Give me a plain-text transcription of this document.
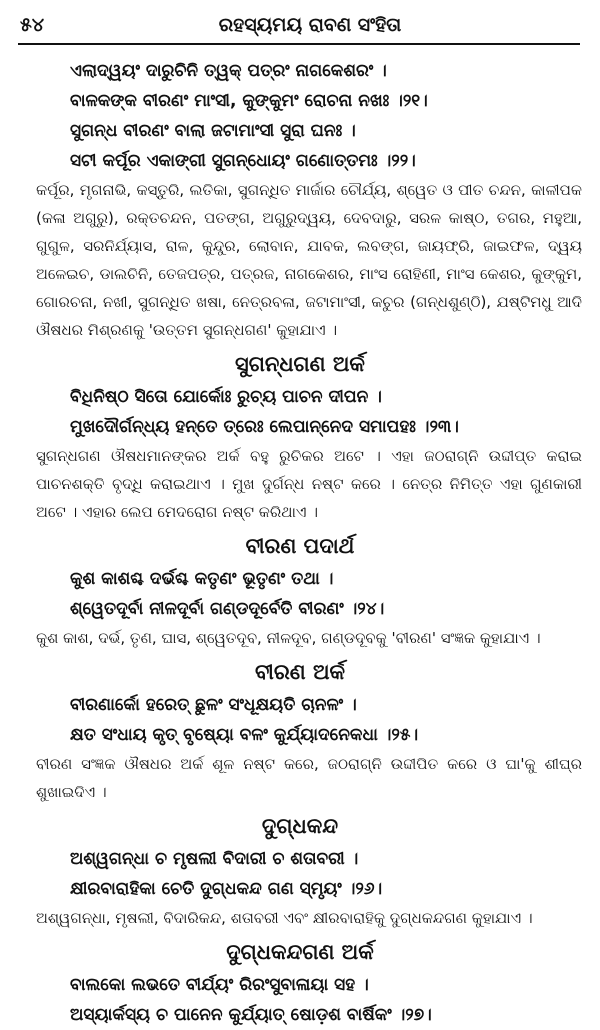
୫୪	ରହସ୍ୟମୟ ରାବଣ ସଂହିତା

ଏଲାଦ୍ୱୟଂ ଦାରୁଚିନି ତ୍ୱକ୍ ପତ୍ରଂ ନାଗକେଶରଂ ।

ବାଳକଙ୍କ ବୀରଣଂ ମାଂସୀ, କୁଙ୍କୁମଂ ରୋଚନା ନଖଃ ।୨୧।

ସୁଗନ୍ଧ ବୀରଣଂ ବାଲା ଜଟାମାଂସୀ ସୁରା ଘନଃ ।

ସଟୀ କର୍ପୂର ଏକାଙ୍ଗୀ ସୁଗନ୍ଧୋୟଂ ଗଣୋତ୍ତମଃ ।୨୨।

କର୍ପୂର, ମୃଗନାଭି, କସ୍ତୁରି, ଲତିକା, ସୁଗନ୍ଧିତ ମାର୍ଜାର ଚୌର୍ଯ୍ୟ, ଶ୍ୱେତ ଓ ପୀତ ଚନ୍ଦନ, କାଳୀପକ (କଳା ଅଗୁରୁ), ରକ୍ତଚନ୍ଦନ, ପତଙ୍ଗ, ଅଗୁରୁଦ୍ୱୟ, ଦେବଦାରୁ, ସରଳ କାଷ୍ଠ, ତଗର, ମହୁଆ, ଗୁଗୁଳ, ସରନିର୍ଯ୍ୟାସ, ରାଳ, କୁନ୍ଦୁର, ଲୋବାନ, ଯାବକ, ଲବଙ୍ଗ, ଜାୟଫ୍ରି, ଜାଇଫଳ, ଦ୍ୱୟ ଅଳେଇଚ, ଡାଲଚିନି, ତେଜପତ୍ର, ପତ୍ରଜ, ନାଗକେଶର, ମାଂସ ରୋହିଣୀ, ମାଂସ କେଶର, କୁଙ୍କୁମ, ଗୋରଚନା, ନଖୀ, ସୁଗନ୍ଧିତ ଖଷା, ନେତ୍ରବଳା, ଜଟାମାଂସୀ, କଚୁର (ଗନ୍ଧଶୁଣ୍ଠି), ଯଷ୍ଟିମଧୁ ଆଦି ଔଷଧର ମିଶ୍ରଣକୁ 'ଉତ୍ତମ ସୁଗନ୍ଧଗଣ' କୁହାଯାଏ ।

ସୁଗନ୍ଧଗଣ ଅର୍କ

ବିଧିନିଷ୍ଠ ସିତୋ ଯୋର୍କୋଃ ରୁଚ୍ୟ ପାଚନ ଦୀପନ ।

ମୁଖଦୌର୍ଗନ୍ଧ୍ୟ ହନ୍ତେ ତ୍ରେଃ ଲେପାନ୍ନେଦ ସମାପହଃ ।୨୩।

ସୁଗନ୍ଧଗଣ ଔଷଧମାନଙ୍କର ଅର୍କ ବହୁ ରୁଚିକର ଅଟେ । ଏହା ଜଠରାଗ୍ନି ଉଦ୍ଦୀପ୍ତ କରାଇ ପାଚନଶକ୍ତି ବୃଦ୍ଧି କରାଇଥାଏ । ମୁଖ ଦୁର୍ଗନ୍ଧ ନଷ୍ଟ କରେ । ନେତ୍ର ନିମିତ୍ତ ଏହା ଗୁଣକାରୀ ଅଟେ । ଏହାର ଲେପ ମେଦରୋଗ ନଷ୍ଟ କରିଥାଏ ।

ବୀରଣ ପଦାର୍ଥ

କୁଶ କାଶଶ୍ଚ ଦର୍ଭଶ୍ଚ କତୃଣଂ ଭୂତୃଣଂ ତଥା ।

ଶ୍ୱେତଦୂର୍ବା ନୀଳଦୂର୍ବା ଗଣ୍ଡଦୂର୍ବେତି ବୀରଣଂ ।୨୪।

କୁଶ କାଶ, ଦର୍ଭ, ତୃଣ, ଘାସ, ଶ୍ୱେତଦୂବ, ନୀଳଦୂବ, ଗଣ୍ଡଦୂବକୁ 'ବୀରଣ' ସଂଜ୍ଞକ କୁହାଯାଏ ।

ବୀରଣ ଅର୍କ

ବୀରଣାର୍କୋ ହରେତ୍ ଛୁଳଂ ସଂଧୂକ୍ଷୟତି ଚାନଳଂ ।

କ୍ଷତ ସଂଧାୟ କୃତ୍ ବୃଷ୍ୟୋ ବଳଂ କୁର୍ଯ୍ୟାଦନେକଧା ।୨୫।

ବୀରଣ ସଂଜ୍ଞକ ଔଷଧର ଅର୍କ ଶୂଳ ନଷ୍ଟ କରେ, ଜଠରାଗ୍ନି ଉଦ୍ଦୀପିତ କରେ ଓ ଘା'କୁ ଶୀଘ୍ର ଶୁଖାଇଦିଏ ।

ଦୁଗ୍ଧକନ୍ଦ

ଅଶ୍ୱଗନ୍ଧା ଚ ମୃଷଲୀ ବିଦାରୀ ଚ ଶତାବରୀ ।

କ୍ଷୀରବାରାହିକା ଚେତି ଦୁଗ୍ଧକନ୍ଦ ଗଣ ସ୍ମୃୟଂ ।୨୬।

ଅଶ୍ୱଗନ୍ଧା, ମୃଷଲୀ, ବିଦାରିକନ୍ଦ, ଶତାବରୀ ଏବଂ କ୍ଷୀରବାରାହିକୁ ଦୁଗ୍ଧକନ୍ଦଗଣ କୁହାଯାଏ ।

ଦୁଗ୍ଧକନ୍ଦଗଣ ଅର୍କ

ବାଲକୋ ଲଭତେ ବୀର୍ଯ୍ୟଂ ରିରଂସୁବାଳାୟା ସହ ।

ଅସ୍ୟାର୍କସ୍ୟ ଚ ପାନେନ କୁର୍ଯ୍ୟାତ୍ ଷୋଡ଼ଶ ବାର୍ଷିକଂ ।୨୭।
